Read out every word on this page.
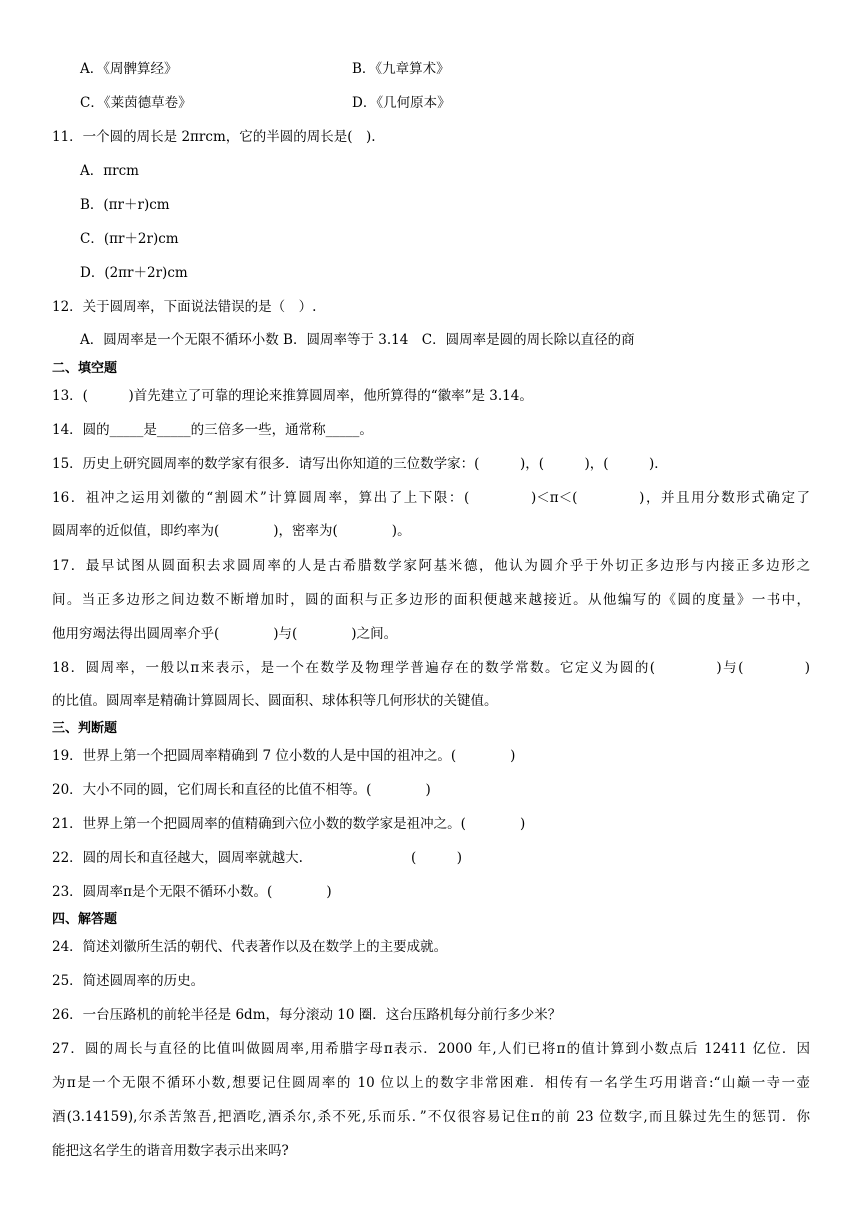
A．《周髀算经》	B．《九章算术》
C．《莱茵德草卷》	D．《几何原本》
11．一个圆的周长是 2πrcm，它的半圆的周长是(　).
A．πrcm
B．(πr＋r)cm
C．(πr＋2r)cm
D．(2πr＋2r)cm
12．关于圆周率，下面说法错误的是（　）.
A．圆周率是一个无限不循环小数 B．圆周率等于 3.14　C．圆周率是圆的周长除以直径的商
二、填空题
13．(　　　)首先建立了可靠的理论来推算圆周率，他所算得的“徽率”是 3.14。
14．圆的_____是_____的三倍多一些，通常称_____。
15．历史上研究圆周率的数学家有很多．请写出你知道的三位数学家：(　　　)，(　　　)，(　　　)．
16．祖冲之运用刘徽的“割圆术”计算圆周率，算出了上下限：(　　　　)＜π＜(　　　　)，并且用分数形式确定了
圆周率的近似值，即约率为(　　　　)，密率为(　　　　)。
17．最早试图从圆面积去求圆周率的人是古希腊数学家阿基米德，他认为圆介乎于外切正多边形与内接正多边形之
间。当正多边形之间边数不断增加时，圆的面积与正多边形的面积便越来越接近。从他编写的《圆的度量》一书中，
他用穷竭法得出圆周率介乎(　　　　)与(　　　　)之间。
18．圆周率，一般以π来表示，是一个在数学及物理学普遍存在的数学常数。它定义为圆的(　　　　)与(　　　　)
的比值。圆周率是精确计算圆周长、圆面积、球体积等几何形状的关键值。
三、判断题
19．世界上第一个把圆周率精确到 7 位小数的人是中国的祖冲之。(　　　　)
20．大小不同的圆，它们周长和直径的比值不相等。(　　　　)
21．世界上第一个把圆周率的值精确到六位小数的数学家是祖冲之。(　　　　)
22．圆的周长和直径越大，圆周率就越大.　　　　　　　　(　　　)
23．圆周率π是个无限不循环小数。(　　　　)
四、解答题
24．简述刘徽所生活的朝代、代表著作以及在数学上的主要成就。
25．简述圆周率的历史。
26．一台压路机的前轮半径是 6dm，每分滚动 10 圈．这台压路机每分前行多少米？
27．圆的周长与直径的比值叫做圆周率,用希腊字母π表示．2000 年,人们已将π的值计算到小数点后 12411 亿位．因
为π是一个无限不循环小数,想要记住圆周率的 10 位以上的数字非常困难．相传有一名学生巧用谐音:“山巅一寺一壶
酒(3.14159),尔杀苦煞吾,把酒吃,酒杀尔,杀不死,乐而乐．”不仅很容易记住π的前 23 位数字,而且躲过先生的惩罚．你
能把这名学生的谐音用数字表示出来吗?
